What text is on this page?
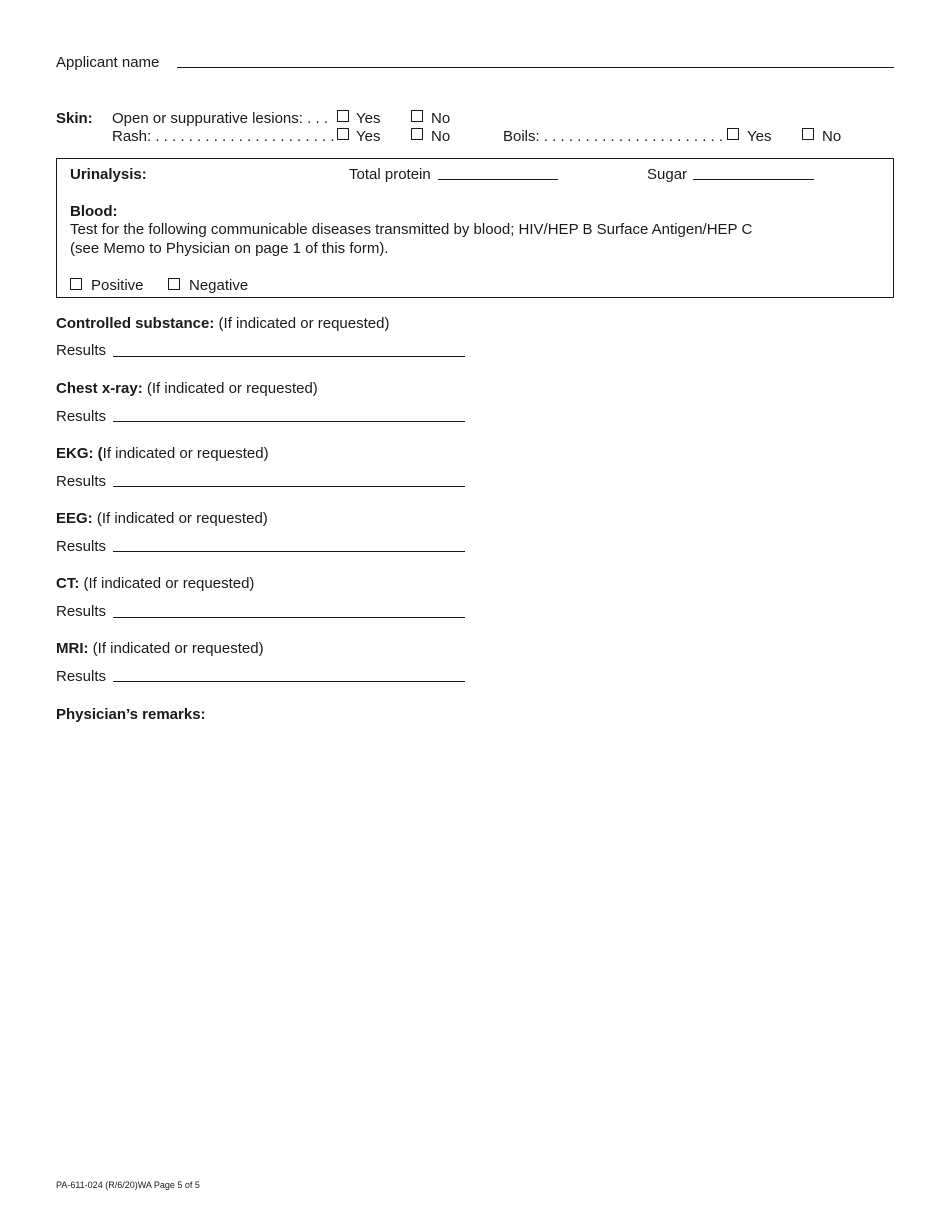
Applicant name
Skin: Open or suppurative lesions: . . . Yes	No
Rash: . . . . . . . . . . . . . . . . . . . . . . Yes	No	Boils: . . . . . . . . . . . . . . . . . . . . . . Yes	No
Urinalysis:	Total protein	Sugar
Blood:
Test for the following communicable diseases transmitted by blood; HIV/HEP B Surface Antigen/HEP C
(see Memo to Physician on page 1 of this form).
Positive	Negative
Controlled substance: (If indicated or requested)
Results
Chest x-ray: (If indicated or requested)
Results
EKG: (If indicated or requested)
Results
EEG: (If indicated or requested)
Results
CT: (If indicated or requested)
Results
MRI: (If indicated or requested)
Results
Physician’s remarks:
PA-611-024 (R/6/20)WA Page 5 of 5
